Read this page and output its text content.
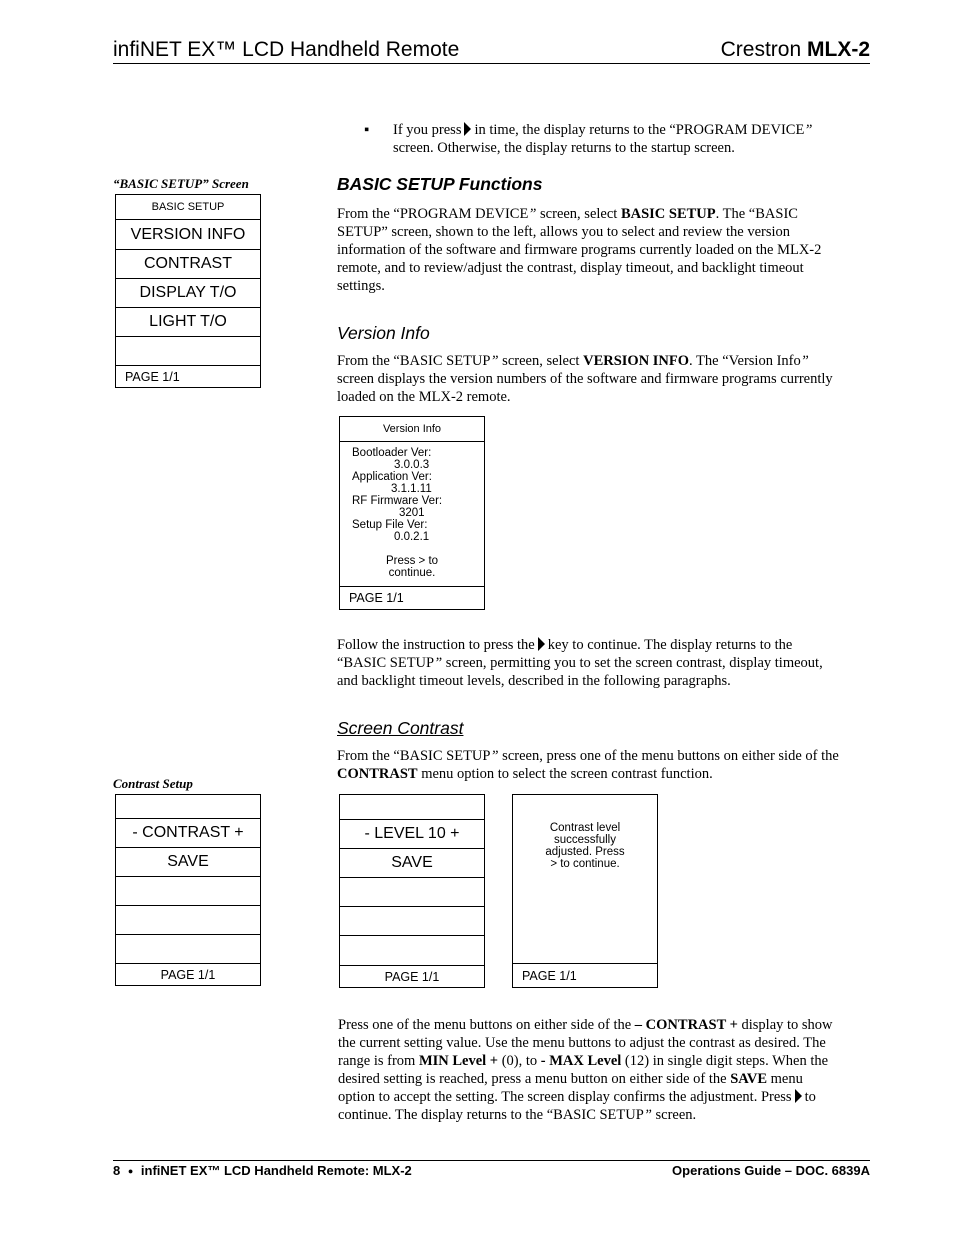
infiNET EX™ LCD Handheld Remote	Crestron MLX-2
▪ If you press in time, the display returns to the “PROGRAM DEVICE”
screen. Otherwise, the display returns to the startup screen.
“BASIC SETUP” Screen
BASIC SETUP
VERSION INFO
CONTRAST
DISPLAY T/O
LIGHT T/O
PAGE 1/1
BASIC SETUP Functions
From the “PROGRAM DEVICE” screen, select BASIC SETUP. The “BASIC
SETUP” screen, shown to the left, allows you to select and review the version
information of the software and firmware programs currently loaded on the MLX-2
remote, and to review/adjust the contrast, display timeout, and backlight timeout
settings.
Version Info
From the “BASIC SETUP” screen, select VERSION INFO. The “Version Info”
screen displays the version numbers of the software and firmware programs currently
loaded on the MLX-2 remote.
Version Info
Bootloader Ver:
3.0.0.3
Application Ver:
3.1.1.11
RF Firmware Ver:
3201
Setup File Ver:
0.0.2.1
Press > to
continue.
PAGE 1/1
Follow the instruction to press the key to continue. The display returns to the
“BASIC SETUP” screen, permitting you to set the screen contrast, display timeout,
and backlight timeout levels, described in the following paragraphs.
Screen Contrast
From the “BASIC SETUP” screen, press one of the menu buttons on either side of the
CONTRAST menu option to select the screen contrast function.
Contrast Setup
- CONTRAST +
SAVE
PAGE 1/1
- LEVEL 10 +
SAVE
PAGE 1/1
Contrast level
successfully
adjusted. Press
> to continue.
PAGE 1/1
Press one of the menu buttons on either side of the – CONTRAST + display to show
the current setting value. Use the menu buttons to adjust the contrast as desired. The
range is from MIN Level + (0), to - MAX Level (12) in single digit steps. When the
desired setting is reached, press a menu button on either side of the SAVE menu
option to accept the setting. The screen display confirms the adjustment. Press to
continue. The display returns to the “BASIC SETUP” screen.
8 ● infiNET EX™ LCD Handheld Remote: MLX-2	Operations Guide – DOC. 6839A
